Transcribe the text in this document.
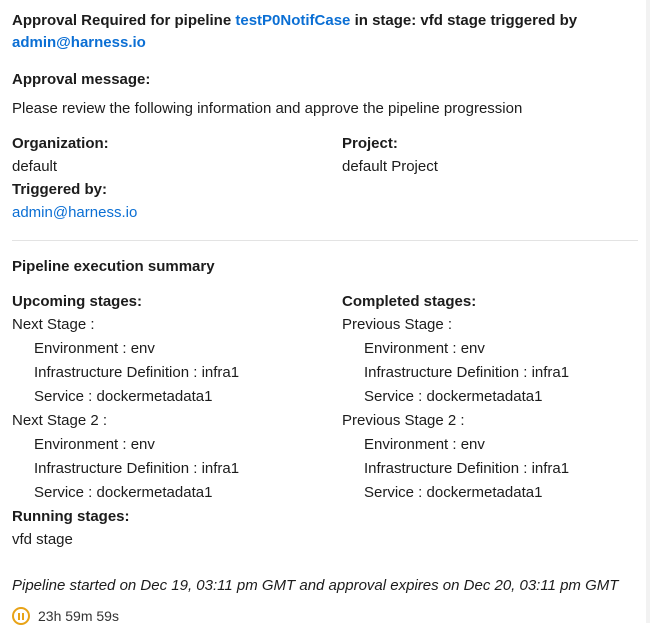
Approval Required for pipeline testP0NotifCase in stage: vfd stage triggered by admin@harness.io

Approval message:

Please review the following information and approve the pipeline progression

Organization:

default

Project:

default Project

Triggered by:

admin@harness.io

Pipeline execution summary

Upcoming stages:

Next Stage :

Environment : env

Infrastructure Definition : infra1

Service : dockermetadata1

Next Stage 2 :

Environment : env

Infrastructure Definition : infra1

Service : dockermetadata1

Completed stages:

Previous Stage :

Environment : env

Infrastructure Definition : infra1

Service : dockermetadata1

Previous Stage 2 :

Environment : env

Infrastructure Definition : infra1

Service : dockermetadata1

Running stages:

vfd stage

Pipeline started on Dec 19, 03:11 pm GMT and approval expires on Dec 20, 03:11 pm GMT

23h 59m 59s
